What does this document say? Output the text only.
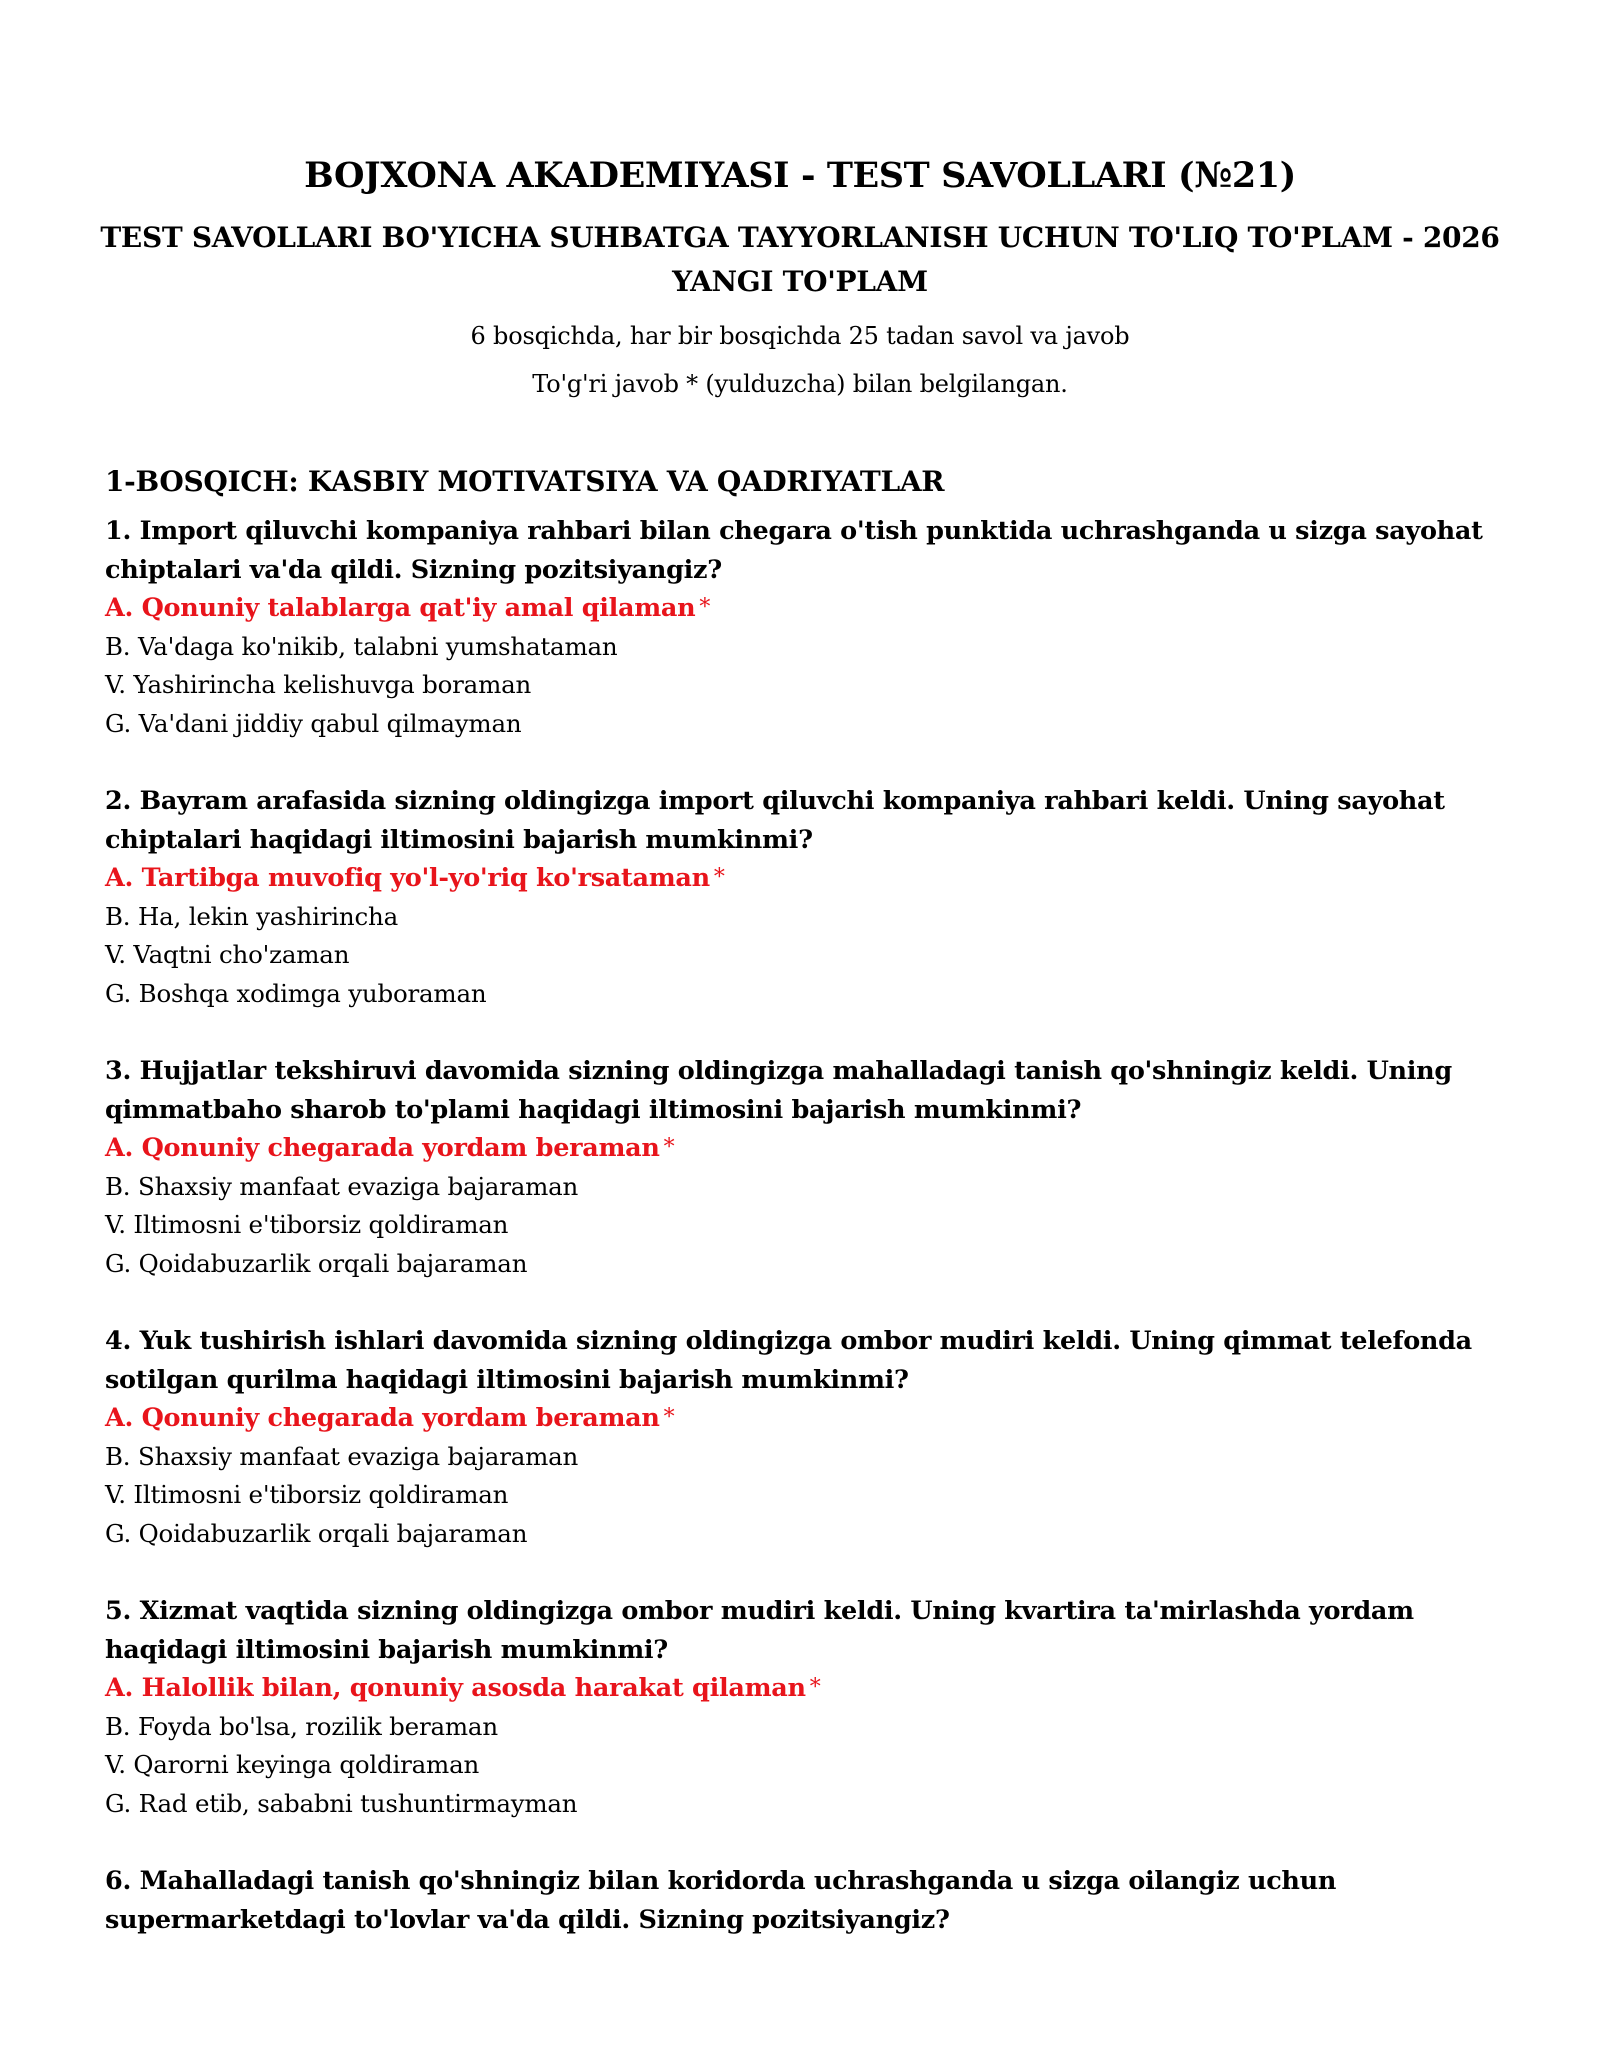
BOJXONA AKADEMIYASI - TEST SAVOLLARI (№21)
TEST SAVOLLARI BO'YICHA SUHBATGA TAYYORLANISH UCHUN TO'LIQ TO'PLAM - 2026 YANGI TO'PLAM
6 bosqichda, har bir bosqichda 25 tadan savol va javob
To'g'ri javob * (yulduzcha) bilan belgilangan.
1-BOSQICH: KASBIY MOTIVATSIYA VA QADRIYATLAR

1. Import qiluvchi kompaniya rahbari bilan chegara o'tish punktida uchrashganda u sizga sayohat chiptalari va'da qildi. Sizning pozitsiyangiz?

A. Qonuniy talablarga qat'iy amal qilaman *
B. Va'daga ko'nikib, talabni yumshataman
V. Yashirincha kelishuvga boraman
G. Va'dani jiddiy qabul qilmayman

2. Bayram arafasida sizning oldingizga import qiluvchi kompaniya rahbari keldi. Uning sayohat chiptalari haqidagi iltimosini bajarish mumkinmi?

A. Tartibga muvofiq yo'l-yo'riq ko'rsataman *
B. Ha, lekin yashirincha
V. Vaqtni cho'zaman
G. Boshqa xodimga yuboraman

3. Hujjatlar tekshiruvi davomida sizning oldingizga mahalladagi tanish qo'shningiz keldi. Uning qimmatbaho sharob to'plami haqidagi iltimosini bajarish mumkinmi?

A. Qonuniy chegarada yordam beraman *
B. Shaxsiy manfaat evaziga bajaraman
V. Iltimosni e'tiborsiz qoldiraman
G. Qoidabuzarlik orqali bajaraman

4. Yuk tushirish ishlari davomida sizning oldingizga ombor mudiri keldi. Uning qimmat telefonda sotilgan qurilma haqidagi iltimosini bajarish mumkinmi?

A. Qonuniy chegarada yordam beraman *
B. Shaxsiy manfaat evaziga bajaraman
V. Iltimosni e'tiborsiz qoldiraman
G. Qoidabuzarlik orqali bajaraman

5. Xizmat vaqtida sizning oldingizga ombor mudiri keldi. Uning kvartira ta'mirlashda yordam haqidagi iltimosini bajarish mumkinmi?

A. Halollik bilan, qonuniy asosda harakat qilaman *
B. Foyda bo'lsa, rozilik beraman
V. Qarorni keyinga qoldiraman
G. Rad etib, sababni tushuntirmayman

6. Mahalladagi tanish qo'shningiz bilan koridorda uchrashganda u sizga oilangiz uchun supermarketdagi to'lovlar va'da qildi. Sizning pozitsiyangiz?
